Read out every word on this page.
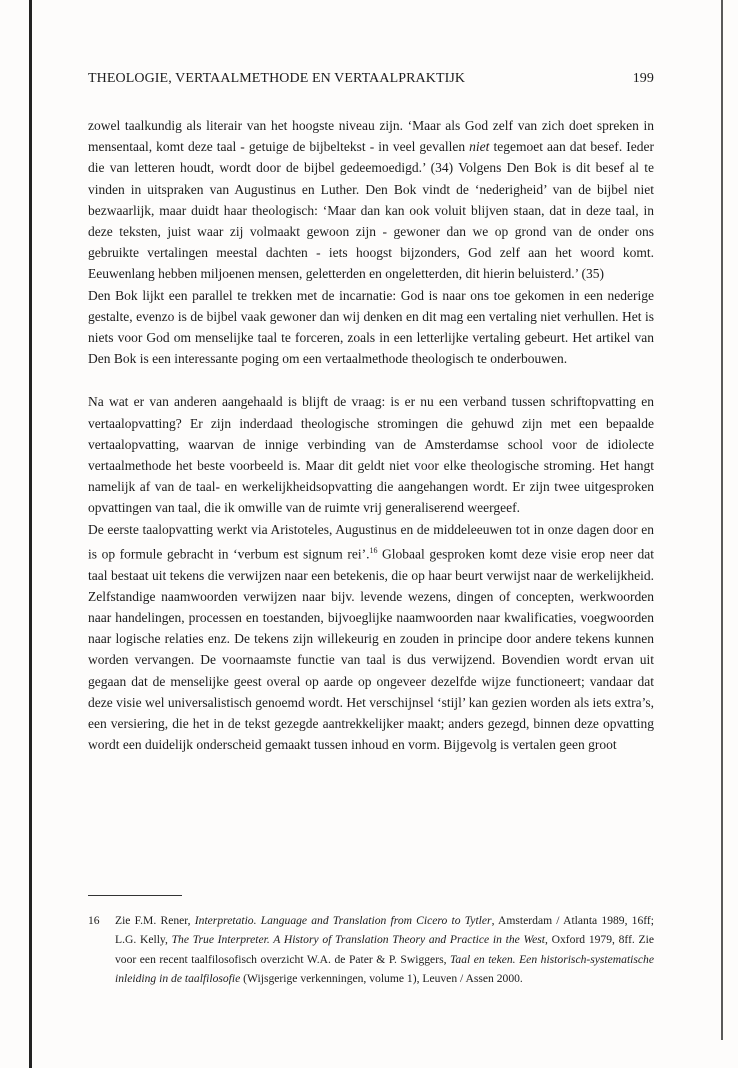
THEOLOGIE, VERTAALMETHODE EN VERTAALPRAKTIJK	199

zowel taalkundig als literair van het hoogste niveau zijn. ‘Maar als God zelf van zich doet spreken in mensentaal, komt deze taal - getuige de bijbeltekst - in veel gevallen niet tegemoet aan dat besef. Ieder die van letteren houdt, wordt door de bijbel gedeemoedigd.’ (34) Volgens Den Bok is dit besef al te vinden in uitspraken van Augustinus en Luther. Den Bok vindt de ‘nederigheid’ van de bijbel niet bezwaarlijk, maar duidt haar theologisch: ‘Maar dan kan ook voluit blijven staan, dat in deze taal, in deze teksten, juist waar zij volmaakt gewoon zijn - gewoner dan we op grond van de onder ons gebruikte vertalingen meestal dachten - iets hoogst bijzonders, God zelf aan het woord komt. Eeuwenlang hebben miljoenen mensen, geletterden en ongeletterden, dit hierin beluisterd.’ (35)

Den Bok lijkt een parallel te trekken met de incarnatie: God is naar ons toe gekomen in een nederige gestalte, evenzo is de bijbel vaak gewoner dan wij denken en dit mag een vertaling niet verhullen. Het is niets voor God om menselijke taal te forceren, zoals in een letterlijke vertaling gebeurt. Het artikel van Den Bok is een interessante poging om een vertaalmethode theologisch te onderbouwen.

Na wat er van anderen aangehaald is blijft de vraag: is er nu een verband tussen schriftopvatting en vertaalopvatting? Er zijn inderdaad theologische stromingen die gehuwd zijn met een bepaalde vertaalopvatting, waarvan de innige verbinding van de Amsterdamse school voor de idiolecte vertaalmethode het beste voorbeeld is. Maar dit geldt niet voor elke theologische stroming. Het hangt namelijk af van de taal- en werkelijkheidsopvatting die aangehangen wordt. Er zijn twee uitgesproken opvattingen van taal, die ik omwille van de ruimte vrij generaliserend weergeef.

De eerste taalopvatting werkt via Aristoteles, Augustinus en de middeleeuwen tot in onze dagen door en is op formule gebracht in ‘verbum est signum rei’.$^{16}$ Globaal gesproken komt deze visie erop neer dat taal bestaat uit tekens die verwijzen naar een betekenis, die op haar beurt verwijst naar de werkelijkheid. Zelfstandige naamwoorden verwijzen naar bijv. levende wezens, dingen of concepten, werkwoorden naar handelingen, processen en toestanden, bijvoeglijke naamwoorden naar kwalificaties, voegwoorden naar logische relaties enz. De tekens zijn willekeurig en zouden in principe door andere tekens kunnen worden vervangen. De voornaamste functie van taal is dus verwijzend. Bovendien wordt ervan uit gegaan dat de menselijke geest overal op aarde op ongeveer dezelfde wijze functioneert; vandaar dat deze visie wel universalistisch genoemd wordt. Het verschijnsel ‘stijl’ kan gezien worden als iets extra’s, een versiering, die het in de tekst gezegde aantrekkelijker maakt; anders gezegd, binnen deze opvatting wordt een duidelijk onderscheid gemaakt tussen inhoud en vorm. Bijgevolg is vertalen geen groot

16 Zie F.M. Rener, Interpretatio. Language and Translation from Cicero to Tytler, Amsterdam / Atlanta 1989, 16ff; L.G. Kelly, The True Interpreter. A History of Translation Theory and Practice in the West, Oxford 1979, 8ff. Zie voor een recent taalfilosofisch overzicht W.A. de Pater & P. Swiggers, Taal en teken. Een historisch-systematische inleiding in de taalfilosofie (Wijsgerige verkenningen, volume 1), Leuven / Assen 2000.
